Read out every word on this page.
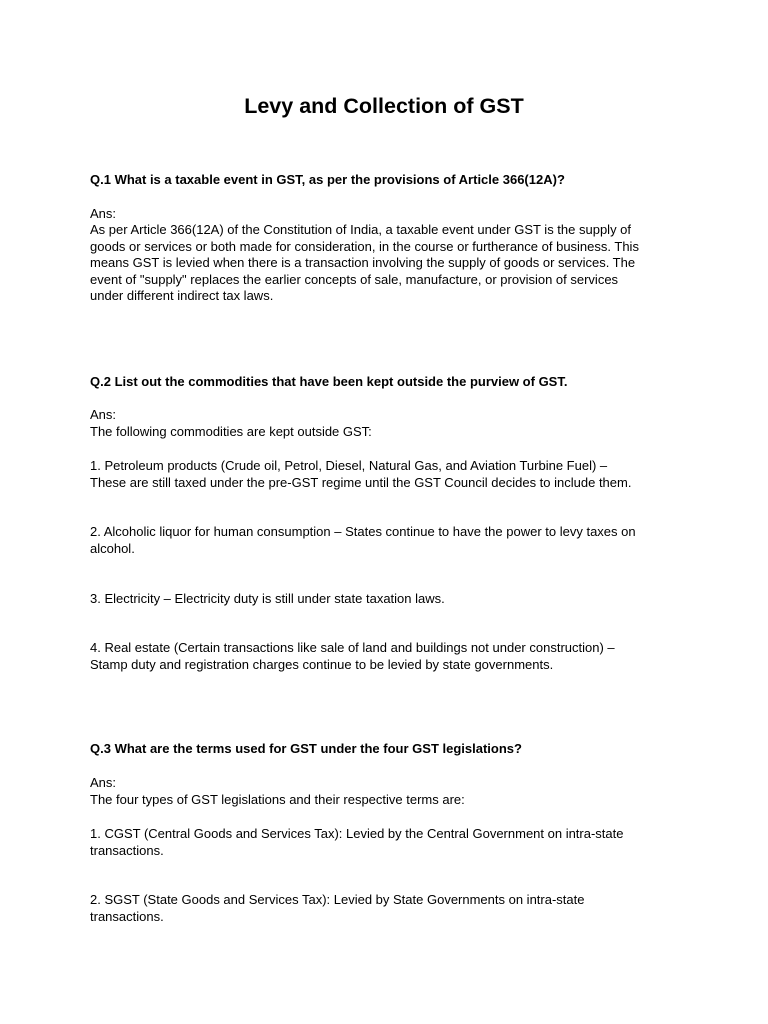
Levy and Collection of GST
Q.1 What is a taxable event in GST, as per the provisions of Article 366(12A)?
Ans:
As per Article 366(12A) of the Constitution of India, a taxable event under GST is the supply of
goods or services or both made for consideration, in the course or furtherance of business. This
means GST is levied when there is a transaction involving the supply of goods or services. The
event of "supply" replaces the earlier concepts of sale, manufacture, or provision of services
under different indirect tax laws.
Q.2 List out the commodities that have been kept outside the purview of GST.
Ans:
The following commodities are kept outside GST:
1. Petroleum products (Crude oil, Petrol, Diesel, Natural Gas, and Aviation Turbine Fuel) –
These are still taxed under the pre-GST regime until the GST Council decides to include them.
2. Alcoholic liquor for human consumption – States continue to have the power to levy taxes on
alcohol.
3. Electricity – Electricity duty is still under state taxation laws.
4. Real estate (Certain transactions like sale of land and buildings not under construction) –
Stamp duty and registration charges continue to be levied by state governments.
Q.3 What are the terms used for GST under the four GST legislations?
Ans:
The four types of GST legislations and their respective terms are:
1. CGST (Central Goods and Services Tax): Levied by the Central Government on intra-state
transactions.
2. SGST (State Goods and Services Tax): Levied by State Governments on intra-state
transactions.
